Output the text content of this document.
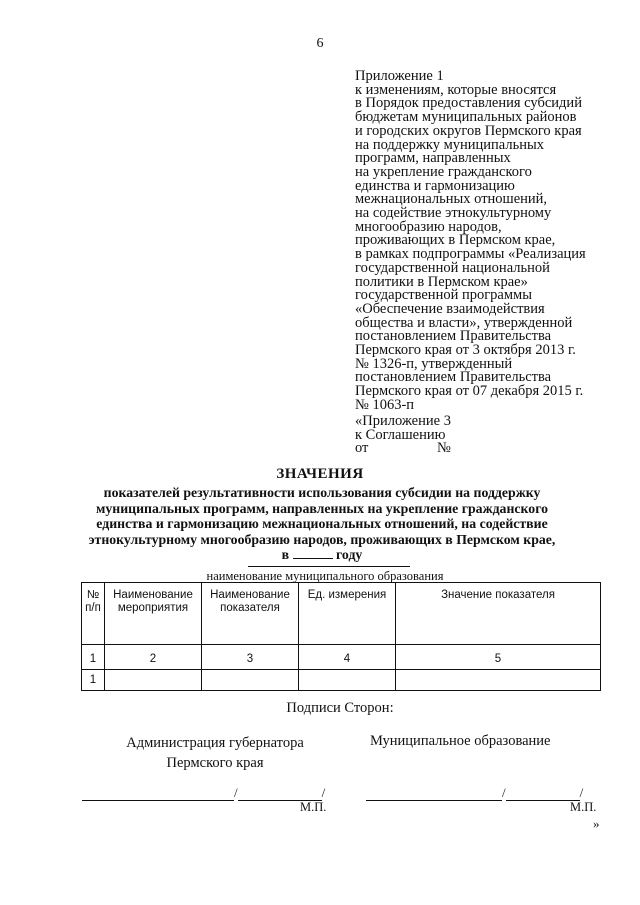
6
Приложение 1
к изменениям, которые вносятся
в Порядок предоставления субсидий
бюджетам муниципальных районов
и городских округов Пермского края
на поддержку муниципальных
программ, направленных
на укрепление гражданского
единства и гармонизацию
межнациональных отношений,
на содействие этнокультурному
многообразию народов,
проживающих в Пермском крае,
в рамках подпрограммы «Реализация
государственной национальной
политики в Пермском крае»
государственной программы
«Обеспечение взаимодействия
общества и власти», утвержденной
постановлением Правительства
Пермского края от 3 октября 2013 г.
№ 1326-п, утвержденный
постановлением Правительства
Пермского края от 07 декабря 2015 г.
№ 1063-п
«Приложение 3
к Соглашению
от	№
ЗНАЧЕНИЯ
показателей результативности использования субсидии на поддержку
муниципальных программ, направленных на укрепление гражданского
единства и гармонизацию межнациональных отношений, на содействие
этнокультурному многообразию народов, проживающих в Пермском крае,
в	году
наименование муниципального образования
№ п/п	Наименование мероприятия	Наименование показателя	Ед. измерения	Значение показателя
1	2	3	4	5
1				
Подписи Сторон:
Администрация губернатора
Пермского края
Муниципальное образование
/	/	/	/
М.П.	М.П.
»
